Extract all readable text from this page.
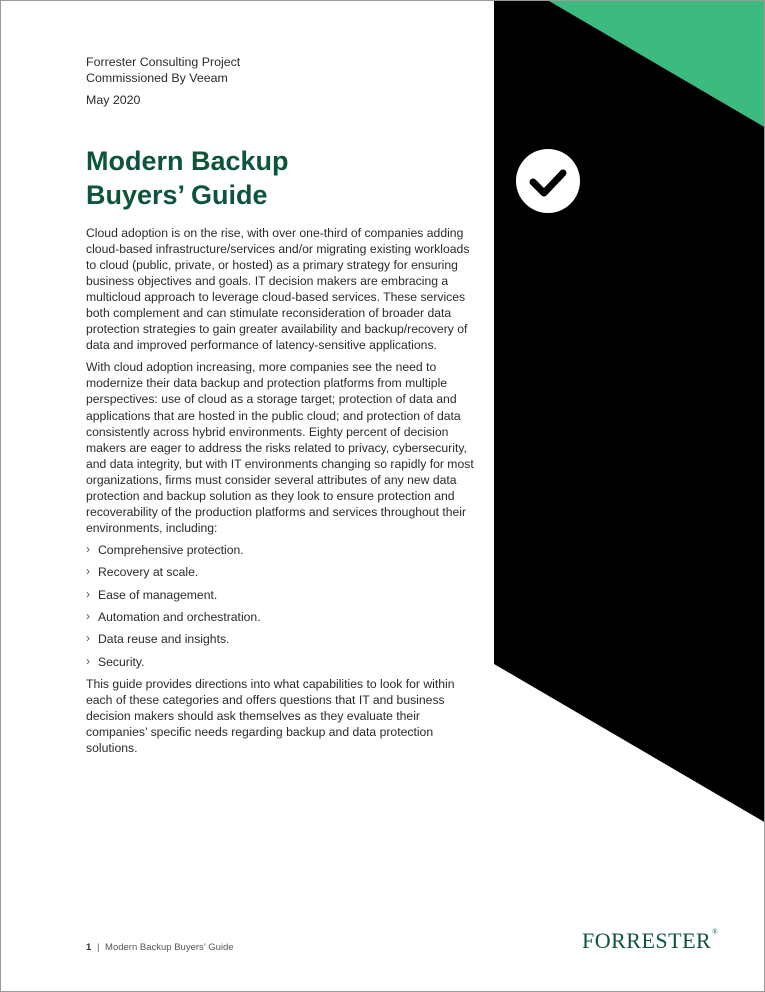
Forrester Consulting Project
Commissioned By Veeam
May 2020
Modern Backup
Buyers’ Guide

Cloud adoption is on the rise, with over one-third of companies adding cloud-based infrastructure/services and/or migrating existing workloads to cloud (public, private, or hosted) as a primary strategy for ensuring business objectives and goals. IT decision makers are embracing a multicloud approach to leverage cloud-based services. These services both complement and can stimulate reconsideration of broader data protection strategies to gain greater availability and backup/recovery of data and improved performance of latency-sensitive applications.

With cloud adoption increasing, more companies see the need to modernize their data backup and protection platforms from multiple perspectives: use of cloud as a storage target; protection of data and applications that are hosted in the public cloud; and protection of data consistently across hybrid environments. Eighty percent of decision makers are eager to address the risks related to privacy, cybersecurity, and data integrity, but with IT environments changing so rapidly for most organizations, firms must consider several attributes of any new data protection and backup solution as they look to ensure protection and recoverability of the production platforms and services throughout their environments, including:

› Comprehensive protection.
› Recovery at scale.
› Ease of management.
› Automation and orchestration.
› Data reuse and insights.
› Security.

This guide provides directions into what capabilities to look for within each of these categories and offers questions that IT and business decision makers should ask themselves as they evaluate their companies’ specific needs regarding backup and data protection solutions.

1 | Modern Backup Buyers’ Guide	FORRESTER®
